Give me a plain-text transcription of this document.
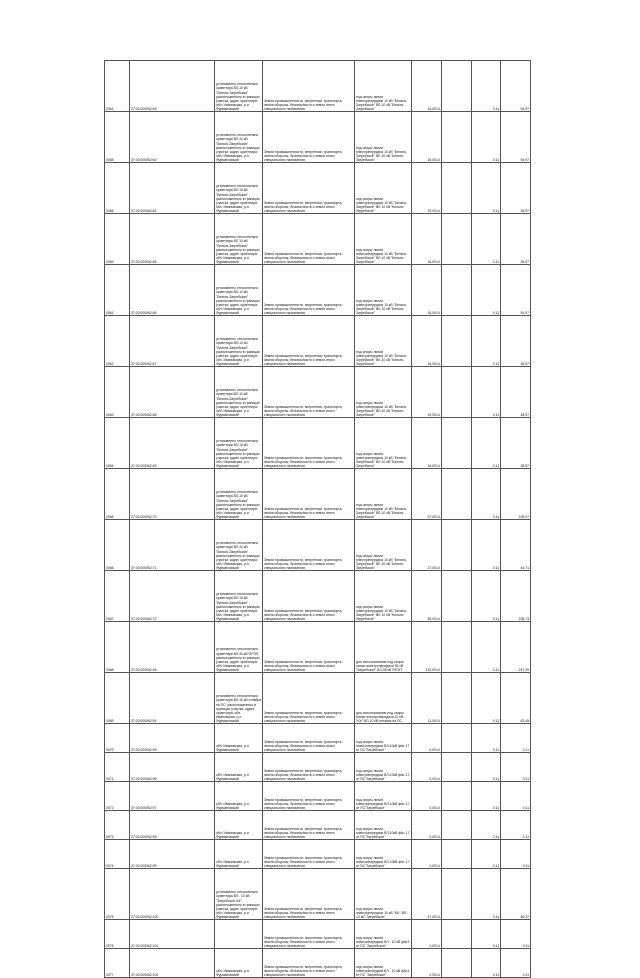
0061	37:02:000062:63	установлено относительно ориентира ВЛ-10 кВ "Бельтя-Загребское" расположенного в границах участка, адрес ориентира: обл. Ивановская, р-н Фурмановский	Земли промышленности, энергетики, транспорта, земли обороны, безопасности и земли иного специального назначения	под опоры линии электропередачи 10 кВ "Бельтя-Загребское" ВЛ-10 кВ "Бельтя-Загребское"	16,0014		0,11	94,97
0065	37:02:000062:60	установлено относительно ориентира ВЛ-10 кВ "Бельтя-Загребское" расположенного в границах участка, адрес ориентира: обл. Ивановская, р-н Фурмановский	Земли промышленности, энергетики, транспорта, земли обороны, безопасности и земли иного специального назначения	под опоры линии электропередачи 10 кВ "Бельтя-Загребское" ВЛ-10 кВ "Бельтя-Загребское"	16,0014		0,11	94,97
0066	37:02:000062:64	установлено относительно ориентира ВЛ-10 кВ "Бельтя-Загребское" расположенного в границах участка, адрес ориентира: обл. Ивановская, р-н Фурмановский	Земли промышленности, энергетики, транспорта, земли обороны, безопасности и земли иного специального назначения	под опоры линии электропередачи 10 кВ "Бельтя-Загребское" ВЛ-10 кВ "Бельтя-Загребское"	19,0014		0,11	28,97
0069	37:02:000062:65	установлено относительно ориентира ВЛ-10 кВ "Бельтя-Загребское" расположенного в границах участка, адрес ориентира: обл. Ивановская, р-н Фурмановский	Земли промышленности, энергетики, транспорта, земли обороны, безопасности и земли иного специального назначения	под опоры линии электропередачи 10 кВ "Бельтя-Загребское" ВЛ-10 кВ "Бельтя-Загребское"	16,0014		2,11	28,97
0061	37:02:000062:66	установлено относительно ориентира ВЛ-10 кВ "Бельтя-Загребское" расположенного в границах участка, адрес ориентира: обл. Ивановская, р-н Фурмановский	Земли промышленности, энергетики, транспорта, земли обороны, безопасности и земли иного специального назначения	под опоры линии электропередачи 10 кВ "Бельтя-Загребское" ВЛ-10 кВ "Бельтя-Загребское"	16,0014		0,11	94,97
0062	37:02:000062:67	установлено относительно ориентира ВЛ-10 кВ "Бельтя-Загребское" расположенного в границах участка, адрес ориентира: обл. Ивановская, р-н Фурмановский	Земли промышленности, энергетики, транспорта, земли обороны, безопасности и земли иного специального назначения	под опоры линии электропередачи 10 кВ "Бельтя-Загребское" ВЛ-10 кВ "Бельтя-Загребское"	16,0014		0,11	28,97
0063	37:02:000062:68	установлено относительно ориентира ВЛ-10 кВ "Бельтя-Загребское" расположенного в границах участка, адрес ориентира: обл. Ивановская, р-н Фурмановский	Земли промышленности, энергетики, транспорта, земли обороны, безопасности и земли иного специального назначения	под опоры линии электропередачи 10 кВ "Бельтя-Загребское" ВЛ-10 кВ "Бельтя-Загребское"	19,0014		0,11	28,97
0064	37:02:000062:69	установлено относительно ориентира ВЛ-10 кВ "Бельтя-Загребское" расположенного в границах участка, адрес ориентира: обл. Ивановская, р-н Фурмановский	Земли промышленности, энергетики, транспорта, земли обороны, безопасности и земли иного специального назначения	под опоры линии электропередачи 10 кВ "Бельтя-Загребское" ВЛ-10 кВ "Бельтя-Загребское"	16,0014		2,11	28,97
0065	37:02:000062:70	установлено относительно ориентира ВЛ-10 кВ "Бельтя-Загребское" расположенного в границах участка, адрес ориентира: обл. Ивановская, р-н Фурмановский	Земли промышленности, энергетики, транспорта, земли обороны, безопасности и земли иного специального назначения	под опоры линии электропередачи 10 кВ "Бельтя-Загребское" ВЛ-10 кВ "Бельтя-Загребское"	57,0014		0,11	105,47
0066	37:02:000062:71	установлено относительно ориентира ВЛ-10 кВ "Бельтя-Загребское" расположенного в границах участка, адрес ориентира: обл. Ивановская, р-н Фурмановский	Земли промышленности, энергетики, транспорта, земли обороны, безопасности и земли иного специального назначения	под опоры линии электропередачи 10 кВ "Бельтя-Загребское" ВЛ-10 кВ "Бельтя-Загребское"	27,0014		0,11	44,71
0067	37:02:000062:72	установлено относительно ориентира ВЛ-10 кВ "Бельтя-Загребское" расположенного в границах участка, адрес ориентира: обл. Ивановская, р-н Фурмановский	Земли промышленности, энергетики, транспорта, земли обороны, безопасности и земли иного специального назначения	под опоры линии электропередачи 10 кВ "Бельтя-Загребское" ВЛ-10 кВ "Бельтя-Загребское"	55,0014		0,11	108,73
0068	37:02:000062:48	установлено относительно ориентира ВЛ-35 кВ ОРЭП, расположенного в границах участка, адрес ориентира: обл. Ивановская, р-н Фурмановский	Земли промышленности, энергетики, транспорта, земли обороны, безопасности и земли иного специального назначения	для использования под опоры линии электропередачи 35 кВ "Загребское" ВЛ-35 кВ ОРЭП	130,0014		2,11	247,29
0069	37:02:000062:54	установлено относительно ориентира ВЛ-10 кВ отпайка на ПС, расположенного в границах участка, адрес ориентира: обл. Ивановская, р-н Фурмановский	Земли промышленности, энергетики, транспорта, земли обороны, безопасности и земли иного специального назначения	для использования под опоры линии электропередачи 10 кВ "Юг" ВЛ-10 кВ отпайка на ПС	11,0014		0,11	63,45
0070	37:02:000062:95	обл. Ивановская, р-н Фурмановский	Земли промышленности, энергетики, транспорта, земли обороны, безопасности и земли иного специального назначения	под опоры линии электропередачи ВЛ-10кВ ф№ 17 от ПС"Загребское"	0,0014		0,11	0,11
0071	37:02:000062:96	обл. Ивановская, р-н Фурмановский	Земли промышленности, энергетики, транспорта, земли обороны, безопасности и земли иного специального назначения	под опоры линии электропередачи ВЛ-10кВ ф№ 17 от ПС"Загребское"	0,0014		0,11	0,11
0072	37:02:000062:97	обл. Ивановская, р-н Фурмановский	Земли промышленности, энергетики, транспорта, земли обороны, безопасности и земли иного специального назначения	под опоры линии электропередачи ВЛ-10кВ ф№ 17 от ПС"Загребское"	0,0014		0,11	0,11
0073	37:02:000062:98	обл. Ивановская, р-н Фурмановский	Земли промышленности, энергетики, транспорта, земли обороны, безопасности и земли иного специального назначения	под опоры линии электропередачи ВЛ-10кВ ф№ 17 от ПС"Загребское"	0,0014		2,11	0,11
0074	37:02:000062:99	обл. Ивановская, р-н Фурмановский	Земли промышленности, энергетики, транспорта, земли обороны, безопасности и земли иного специального назначения	под опоры линии электропередачи ВЛ-10кВ ф№ 17 от ПС"Загребское"	0,0014		2,11	0,11
0075	37:02:000062:100	установлено относительно ориентира ВЛ - 10 кВ "Загребское-Юг", расположенного в границах участка, адрес ориентира: обл. Ивановская, р-н Фурмановский	Земли промышленности, энергетики, транспорта, земли обороны, безопасности и земли иного специального назначения	под опоры линии электропередачи 10 кВ "Юг" ВЛ - 10 кВ "Загребское"	47,0014		0,11	56,37
0076	37:02:000062:101		Земли промышленности, энергетики, транспорта, земли обороны, безопасности и земли иного специального назначения	под опоры линии электропередачи ВЛ - 10 кВ ф№1 от ПС "Загребское"	0,0014		0,11	0,11
0077	37:02:000062:102	обл. Ивановская, р-н Фурмановский	Земли промышленности, энергетики, транспорта, земли обороны, безопасности и земли иного специального назначения	под опоры линии электропередачи ВЛ - 10 кВ ф№1 от ПС "Загребское"	0,0014		0,11	0,11
